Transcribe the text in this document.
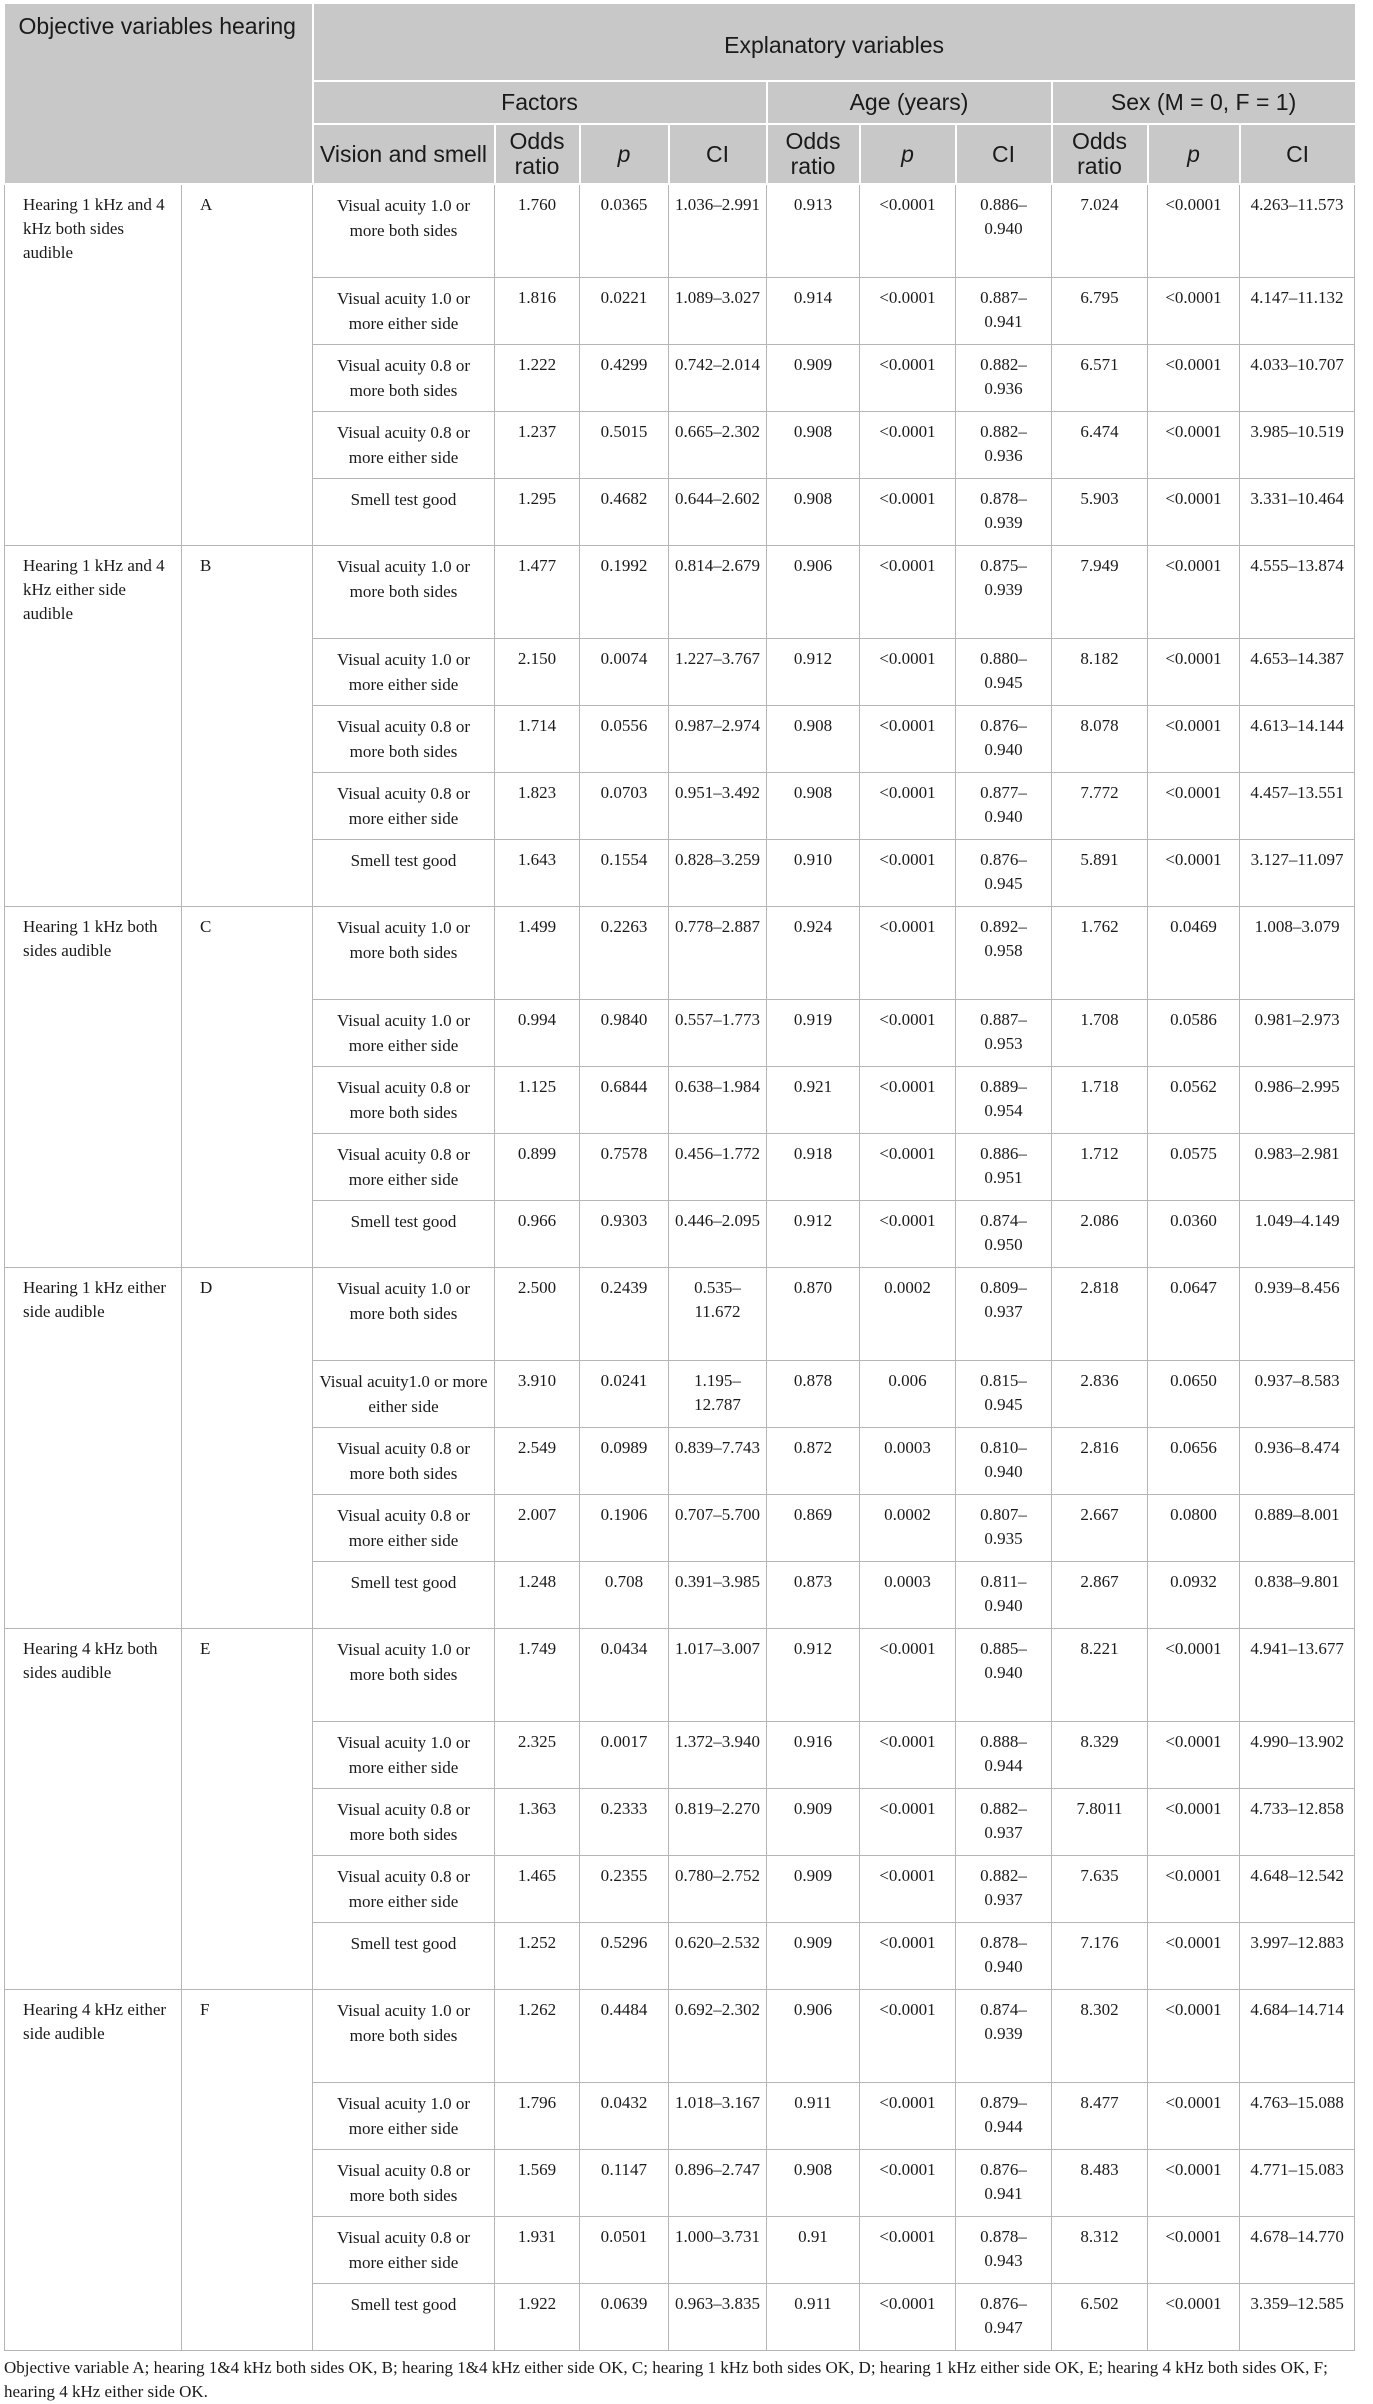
Objective variables hearing		Explanatory variables									
		Factors				Age (years)			Sex (M = 0, F = 1)		
		Vision and smell	Odds ratio	p	CI	Odds ratio	p	CI	Odds ratio	p	CI
Hearing 1 kHz and 4 kHz both sides audible	A	Visual acuity 1.0 or more both sides	1.760	0.0365	1.036–2.991	0.913	<0.0001	0.886–0.940	7.024	<0.0001	4.263–11.573
		Visual acuity 1.0 or more either side	1.816	0.0221	1.089–3.027	0.914	<0.0001	0.887–0.941	6.795	<0.0001	4.147–11.132
		Visual acuity 0.8 or more both sides	1.222	0.4299	0.742–2.014	0.909	<0.0001	0.882–0.936	6.571	<0.0001	4.033–10.707
		Visual acuity 0.8 or more either side	1.237	0.5015	0.665–2.302	0.908	<0.0001	0.882–0.936	6.474	<0.0001	3.985–10.519
		Smell test good	1.295	0.4682	0.644–2.602	0.908	<0.0001	0.878–0.939	5.903	<0.0001	3.331–10.464
Hearing 1 kHz and 4 kHz either side audible	B	Visual acuity 1.0 or more both sides	1.477	0.1992	0.814–2.679	0.906	<0.0001	0.875–0.939	7.949	<0.0001	4.555–13.874
		Visual acuity 1.0 or more either side	2.150	0.0074	1.227–3.767	0.912	<0.0001	0.880–0.945	8.182	<0.0001	4.653–14.387
		Visual acuity 0.8 or more both sides	1.714	0.0556	0.987–2.974	0.908	<0.0001	0.876–0.940	8.078	<0.0001	4.613–14.144
		Visual acuity 0.8 or more either side	1.823	0.0703	0.951–3.492	0.908	<0.0001	0.877–0.940	7.772	<0.0001	4.457–13.551
		Smell test good	1.643	0.1554	0.828–3.259	0.910	<0.0001	0.876–0.945	5.891	<0.0001	3.127–11.097
Hearing 1 kHz both sides audible	C	Visual acuity 1.0 or more both sides	1.499	0.2263	0.778–2.887	0.924	<0.0001	0.892–0.958	1.762	0.0469	1.008–3.079
		Visual acuity 1.0 or more either side	0.994	0.9840	0.557–1.773	0.919	<0.0001	0.887–0.953	1.708	0.0586	0.981–2.973
		Visual acuity 0.8 or more both sides	1.125	0.6844	0.638–1.984	0.921	<0.0001	0.889–0.954	1.718	0.0562	0.986–2.995
		Visual acuity 0.8 or more either side	0.899	0.7578	0.456–1.772	0.918	<0.0001	0.886–0.951	1.712	0.0575	0.983–2.981
		Smell test good	0.966	0.9303	0.446–2.095	0.912	<0.0001	0.874–0.950	2.086	0.0360	1.049–4.149
Hearing 1 kHz either side audible	D	Visual acuity 1.0 or more both sides	2.500	0.2439	0.535–11.672	0.870	0.0002	0.809–0.937	2.818	0.0647	0.939–8.456
		Visual acuity1.0 or more either side	3.910	0.0241	1.195–12.787	0.878	0.006	0.815–0.945	2.836	0.0650	0.937–8.583
		Visual acuity 0.8 or more both sides	2.549	0.0989	0.839–7.743	0.872	0.0003	0.810–0.940	2.816	0.0656	0.936–8.474
		Visual acuity 0.8 or more either side	2.007	0.1906	0.707–5.700	0.869	0.0002	0.807–0.935	2.667	0.0800	0.889–8.001
		Smell test good	1.248	0.708	0.391–3.985	0.873	0.0003	0.811–0.940	2.867	0.0932	0.838–9.801
Hearing 4 kHz both sides audible	E	Visual acuity 1.0 or more both sides	1.749	0.0434	1.017–3.007	0.912	<0.0001	0.885–0.940	8.221	<0.0001	4.941–13.677
		Visual acuity 1.0 or more either side	2.325	0.0017	1.372–3.940	0.916	<0.0001	0.888–0.944	8.329	<0.0001	4.990–13.902
		Visual acuity 0.8 or more both sides	1.363	0.2333	0.819–2.270	0.909	<0.0001	0.882–0.937	7.8011	<0.0001	4.733–12.858
		Visual acuity 0.8 or more either side	1.465	0.2355	0.780–2.752	0.909	<0.0001	0.882–0.937	7.635	<0.0001	4.648–12.542
		Smell test good	1.252	0.5296	0.620–2.532	0.909	<0.0001	0.878–0.940	7.176	<0.0001	3.997–12.883
Hearing 4 kHz either side audible	F	Visual acuity 1.0 or more both sides	1.262	0.4484	0.692–2.302	0.906	<0.0001	0.874–0.939	8.302	<0.0001	4.684–14.714
		Visual acuity 1.0 or more either side	1.796	0.0432	1.018–3.167	0.911	<0.0001	0.879–0.944	8.477	<0.0001	4.763–15.088
		Visual acuity 0.8 or more both sides	1.569	0.1147	0.896–2.747	0.908	<0.0001	0.876–0.941	8.483	<0.0001	4.771–15.083
		Visual acuity 0.8 or more either side	1.931	0.0501	1.000–3.731	0.91	<0.0001	0.878–0.943	8.312	<0.0001	4.678–14.770
		Smell test good	1.922	0.0639	0.963–3.835	0.911	<0.0001	0.876–0.947	6.502	<0.0001	3.359–12.585
Objective variable A; hearing 1&4 kHz both sides OK, B; hearing 1&4 kHz either side OK, C; hearing 1 kHz both sides OK, D; hearing 1 kHz either side OK, E; hearing 4 kHz both sides OK, F; hearing 4 kHz either side OK.
